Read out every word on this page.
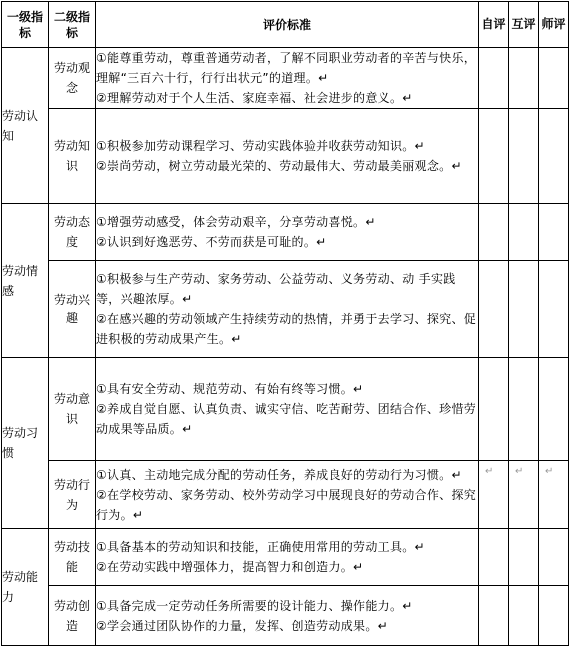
一级指标	二级指标	评价标准	自评	互评	师评
劳动认知	劳动观念	①能尊重劳动，尊重普通劳动者，了解不同职业劳动者的辛苦与快乐，理解“三百六十行，行行出状元”的道理。↵
②理解劳动对于个人生活、家庭幸福、社会进步的意义。↵			

	劳动知识	①积极参加劳动课程学习、劳动实践体验并收获劳动知识。↵
②崇尚劳动，树立劳动最光荣的、劳动最伟大、劳动最美丽观念。↵			

劳动情感	劳动态度	①增强劳动感受，体会劳动艰辛，分享劳动喜悦。↵
②认识到好逸恶劳、不劳而获是可耻的。↵			

	劳动兴趣	①积极参与生产劳动、家务劳动、公益劳动、义务劳动、动 手实践等，兴趣浓厚。↵
②在感兴趣的劳动领域产生持续劳动的热情，并勇于去学习、探究、促进积极的劳动成果产生。↵			

劳动习惯	劳动意识	①具有安全劳动、规范劳动、有始有终等习惯。↵
②养成自觉自愿、认真负责、诚实守信、吃苦耐劳、团结合作、珍惜劳动成果等品质。↵			

	劳动行为	①认真、主动地完成分配的劳动任务，养成良好的劳动行为习惯。↵
②在学校劳动、家务劳动、校外劳动学习中展现良好的劳动合作、探究行为。↵	↵	↵	↵
劳动能力	劳动技能	①具备基本的劳动知识和技能，正确使用常用的劳动工具。↵
②在劳动实践中增强体力，提高智力和创造力。↵			

	劳动创造	①具备完成一定劳动任务所需要的设计能力、操作能力。↵
②学会通过团队协作的力量，发挥、创造劳动成果。↵			
